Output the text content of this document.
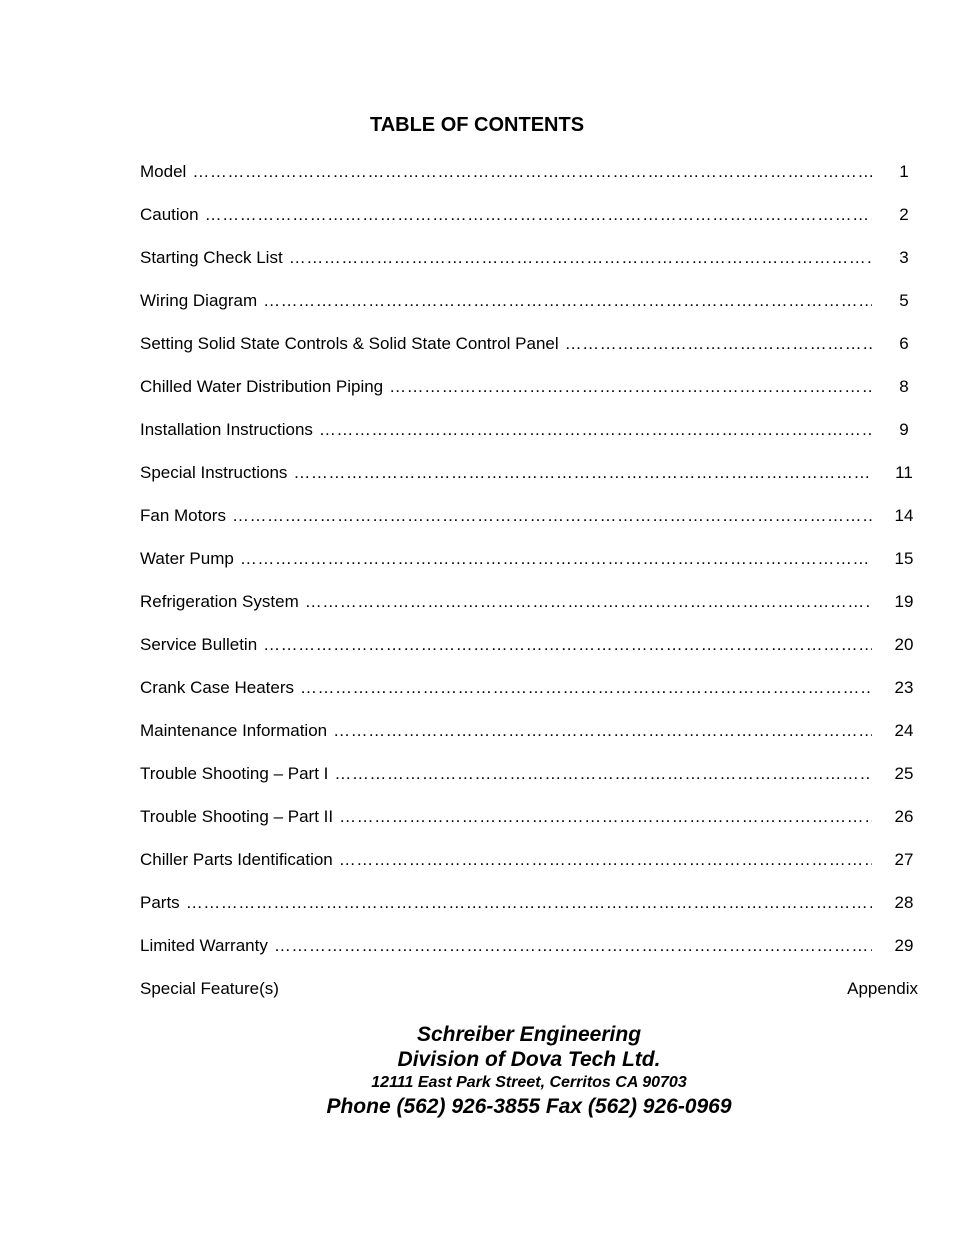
TABLE OF CONTENTS
Model ……………………………………………………………………………………………………………………………………………………………………………	1
Caution ……………………………………………………………………………………………………………………………………………………………………………	2
Starting Check List ……………………………………………………………………………………………………………………………………………………………………………	3
Wiring Diagram ……………………………………………………………………………………………………………………………………………………………………………	5
Setting Solid State Controls & Solid State Control Panel ……………………………………………………………………………………………………………………………………………………………………………	6
Chilled Water Distribution Piping ……………………………………………………………………………………………………………………………………………………………………………	8
Installation Instructions ……………………………………………………………………………………………………………………………………………………………………………	9
Special Instructions ……………………………………………………………………………………………………………………………………………………………………………	11
Fan Motors ……………………………………………………………………………………………………………………………………………………………………………	14
Water Pump ……………………………………………………………………………………………………………………………………………………………………………	15
Refrigeration System ……………………………………………………………………………………………………………………………………………………………………………	19
Service Bulletin ……………………………………………………………………………………………………………………………………………………………………………	20
Crank Case Heaters ……………………………………………………………………………………………………………………………………………………………………………	23
Maintenance Information ……………………………………………………………………………………………………………………………………………………………………………	24
Trouble Shooting – Part I ……………………………………………………………………………………………………………………………………………………………………………	25
Trouble Shooting – Part II ……………………………………………………………………………………………………………………………………………………………………………	26
Chiller Parts Identification ……………………………………………………………………………………………………………………………………………………………………………	27
Parts ……………………………………………………………………………………………………………………………………………………………………………	28
Limited Warranty ……………………………………………………………………………………………………………………………………………………………………………	29
Special Feature(s)	Appendix
Schreiber Engineering
Division of Dova Tech Ltd.
12111 East Park Street, Cerritos CA 90703
Phone (562) 926-3855 Fax (562) 926-0969
